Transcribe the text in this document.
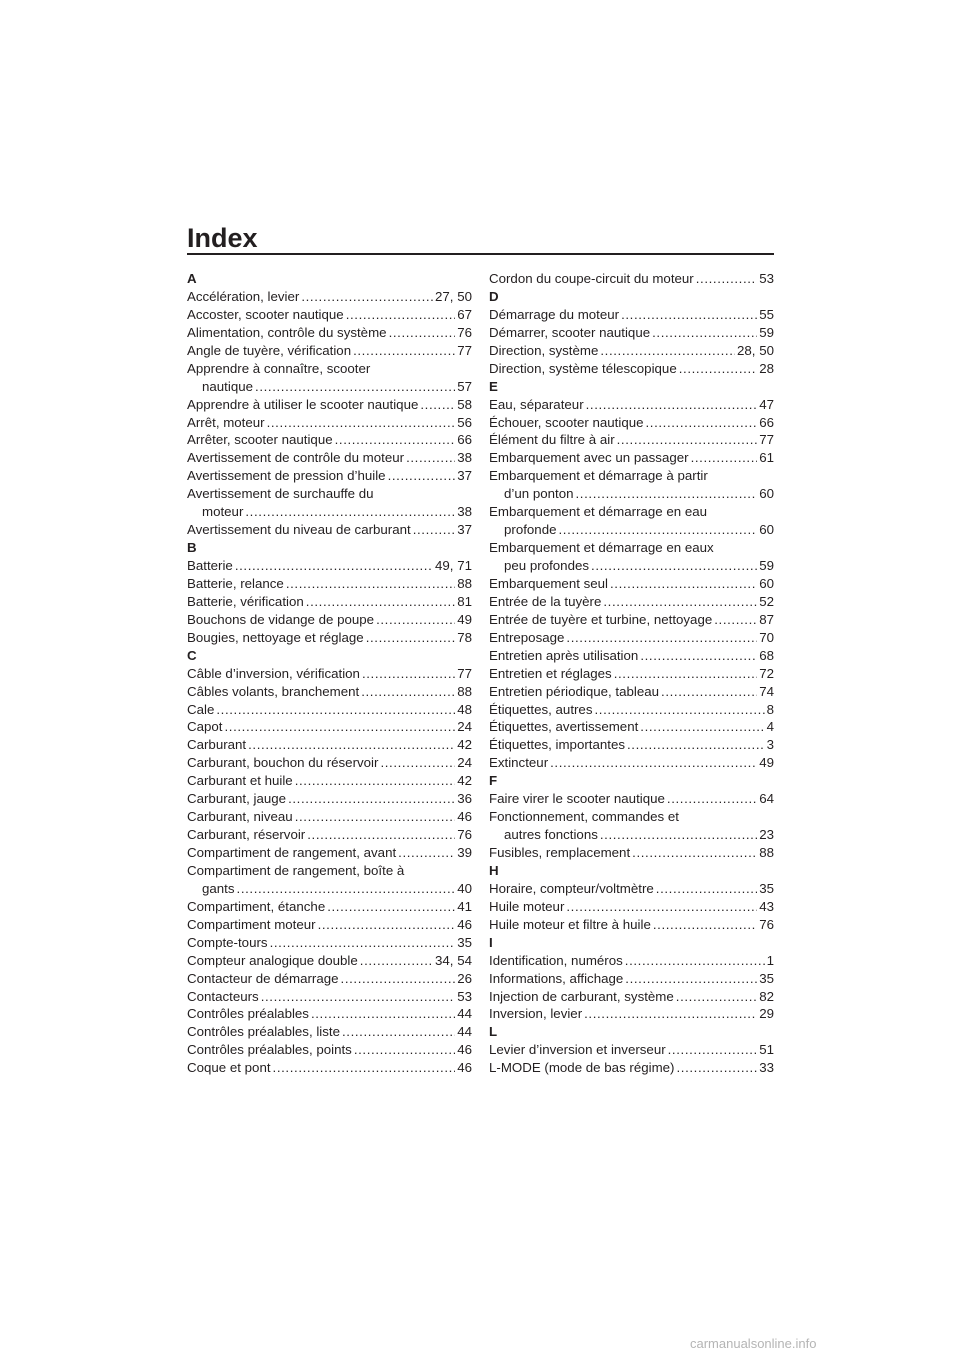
Index
A
Accélération, levier .....	27, 50
Accoster, scooter nautique .....	67
Alimentation, contrôle du système .....	76
Angle de tuyère, vérification .....	77
Apprendre à connaître, scooter
nautique .....	57
Apprendre à utiliser le scooter nautique .....	58
Arrêt, moteur .....	56
Arrêter, scooter nautique .....	66
Avertissement de contrôle du moteur .....	38
Avertissement de pression d’huile .....	37
Avertissement de surchauffe du
moteur .....	38
Avertissement du niveau de carburant .....	37
B
Batterie .....	49, 71
Batterie, relance .....	88
Batterie, vérification .....	81
Bouchons de vidange de poupe .....	49
Bougies, nettoyage et réglage .....	78
C
Câble d’inversion, vérification .....	77
Câbles volants, branchement .....	88
Cale .....	48
Capot .....	24
Carburant .....	42
Carburant, bouchon du réservoir .....	24
Carburant et huile .....	42
Carburant, jauge .....	36
Carburant, niveau .....	46
Carburant, réservoir .....	76
Compartiment de rangement, avant .....	39
Compartiment de rangement, boîte à
gants .....	40
Compartiment, étanche .....	41
Compartiment moteur .....	46
Compte-tours .....	35
Compteur analogique double .....	34, 54
Contacteur de démarrage .....	26
Contacteurs .....	53
Contrôles préalables .....	44
Contrôles préalables, liste .....	44
Contrôles préalables, points .....	46
Coque et pont .....	46
Cordon du coupe-circuit du moteur .....	53
D
Démarrage du moteur .....	55
Démarrer, scooter nautique .....	59
Direction, système .....	28, 50
Direction, système télescopique .....	28
E
Eau, séparateur .....	47
Échouer, scooter nautique .....	66
Élément du filtre à air .....	77
Embarquement avec un passager .....	61
Embarquement et démarrage à partir
d’un ponton .....	60
Embarquement et démarrage en eau
profonde .....	60
Embarquement et démarrage en eaux
peu profondes .....	59
Embarquement seul .....	60
Entrée de la tuyère .....	52
Entrée de tuyère et turbine, nettoyage .....	87
Entreposage .....	70
Entretien après utilisation .....	68
Entretien et réglages .....	72
Entretien périodique, tableau .....	74
Étiquettes, autres .....	8
Étiquettes, avertissement .....	4
Étiquettes, importantes .....	3
Extincteur .....	49
F
Faire virer le scooter nautique .....	64
Fonctionnement, commandes et
autres fonctions .....	23
Fusibles, remplacement .....	88
H
Horaire, compteur/voltmètre .....	35
Huile moteur .....	43
Huile moteur et filtre à huile .....	76
I
Identification, numéros .....	1
Informations, affichage .....	35
Injection de carburant, système .....	82
Inversion, levier .....	29
L
Levier d’inversion et inverseur .....	51
L-MODE (mode de bas régime) .....	33
carmanualsonline.info
